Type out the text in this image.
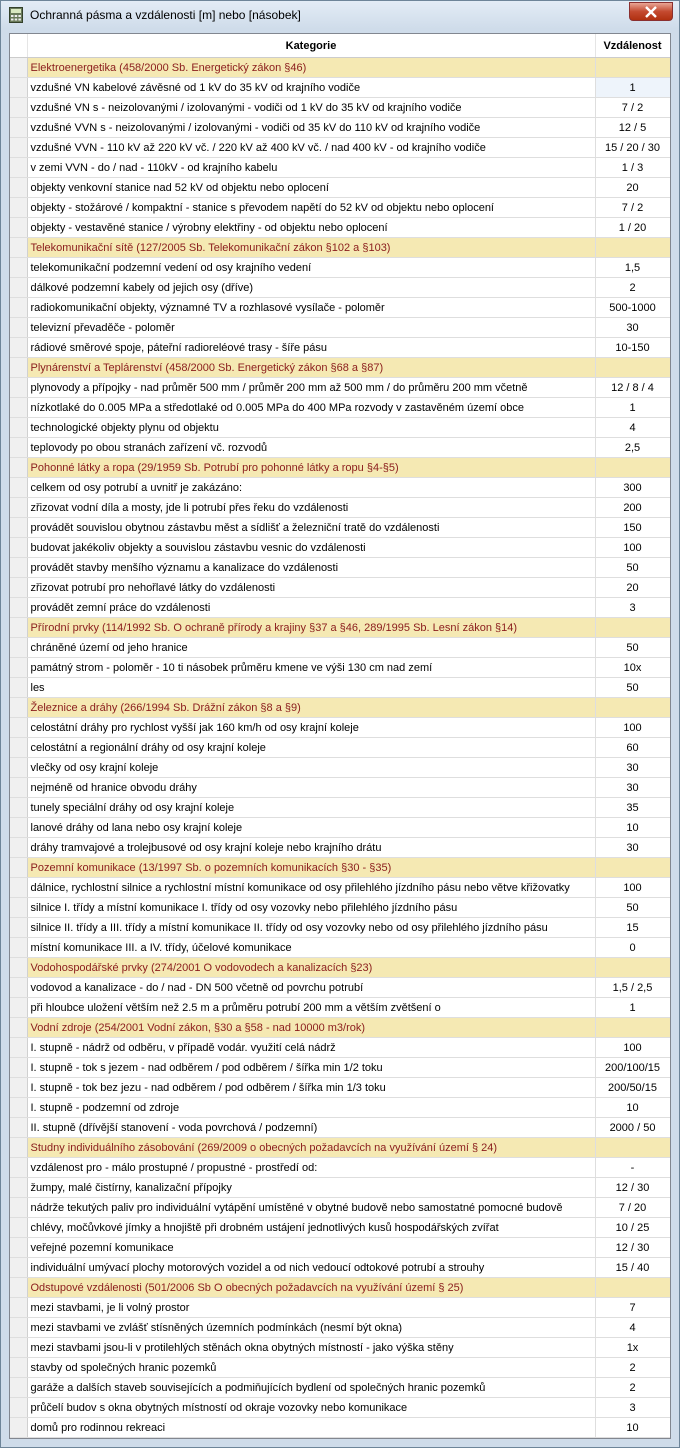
Ochranná pásma a vzdálenosti [m] nebo [násobek]
	Kategorie	Vzdálenost
	Elektroenergetika (458/2000 Sb. Energetický zákon §46)	
	vzdušné VN kabelové závěsné od 1 kV do 35 kV od krajního vodiče	1
	vzdušné VN s - neizolovanými / izolovanými - vodiči od 1 kV do 35 kV od krajního vodiče	7 / 2
	vzdušné VVN s - neizolovanými / izolovanými - vodiči od 35 kV do 110 kV od krajního vodiče	12 / 5
	vzdušné VVN - 110 kV až 220 kV vč. / 220 kV až 400 kV vč. / nad 400 kV - od krajního vodiče	15 / 20 / 30
	v zemi VVN - do / nad - 110kV - od krajního kabelu	1 / 3
	objekty venkovní stanice nad 52 kV od objektu nebo oplocení	20
	objekty - stožárové / kompaktní - stanice s převodem napětí do 52 kV od objektu nebo oplocení	7 / 2
	objekty - vestavěné stanice / výrobny elektřiny - od objektu nebo oplocení	1 / 20
	Telekomunikační sítě (127/2005 Sb. Telekomunikační zákon §102 a §103)	
	telekomunikační podzemní vedení od osy krajního vedení	1,5
	dálkové podzemní kabely od jejich osy (dříve)	2
	radiokomunikační objekty, významné TV a rozhlasové vysílače - poloměr	500-1000
	televizní převaděče - poloměr	30
	rádiové směrové spoje, páteřní radioreléové trasy - šíře pásu	10-150
	Plynárenství a Teplárenství (458/2000 Sb. Energetický zákon §68 a §87)	
	plynovody a přípojky - nad průměr 500 mm / průměr 200 mm až 500 mm / do průměru 200 mm včetně	12 / 8 / 4
	nízkotlaké do 0.005 MPa a středotlaké od 0.005 MPa do 400 MPa rozvody v zastavěném území obce	1
	technologické objekty plynu od objektu	4
	teplovody po obou stranách zařízení vč. rozvodů	2,5
	Pohonné látky a ropa (29/1959 Sb. Potrubí pro pohonné látky a ropu §4-§5)	
	celkem od osy potrubí a uvnitř je zakázáno:	300
	zřizovat vodní díla a mosty, jde li potrubí přes řeku do vzdálenosti	200
	provádět souvislou obytnou zástavbu měst a sídlišť a železniční tratě do vzdálenosti	150
	budovat jakékoliv objekty a souvislou zástavbu vesnic do vzdálenosti	100
	provádět stavby menšího významu a kanalizace do vzdálenosti	50
	zřizovat potrubí pro nehořlavé látky do vzdálenosti	20
	provádět zemní práce do vzdálenosti	3
	Přírodní prvky (114/1992 Sb. O ochraně přírody a krajiny §37 a §46, 289/1995 Sb. Lesní zákon §14)	
	chráněné území od jeho hranice	50
	památný strom - poloměr - 10 ti násobek průměru kmene ve výši 130 cm nad zemí	10x
	les	50
	Železnice a dráhy (266/1994 Sb. Drážní zákon §8 a §9)	
	celostátní dráhy pro rychlost vyšší jak 160 km/h od osy krajní koleje	100
	celostátní a regionální dráhy od osy krajní koleje	60
	vlečky od osy krajní koleje	30
	nejméně od hranice obvodu dráhy	30
	tunely speciální dráhy od osy krajní koleje	35
	lanové dráhy od lana nebo osy krajní koleje	10
	dráhy tramvajové a trolejbusové od osy krajní koleje nebo krajního drátu	30
	Pozemní komunikace (13/1997 Sb. o pozemních komunikacích §30 - §35)	
	dálnice, rychlostní silnice a rychlostní místní komunikace od osy přilehlého jízdního pásu nebo větve křižovatky	100
	silnice I. třídy a místní komunikace I. třídy od osy vozovky nebo přilehlého jízdního pásu	50
	silnice II. třídy a III. třídy a místní komunikace II. třídy od osy vozovky nebo od osy přilehlého jízdního pásu	15
	místní komunikace III. a IV. třídy, účelové komunikace	0
	Vodohospodářské prvky (274/2001 O vodovodech a kanalizacích §23)	
	vodovod a kanalizace - do / nad - DN 500 včetně od povrchu potrubí	1,5 / 2,5
	při hloubce uložení větším než 2.5 m a průměru potrubí 200 mm a větším zvětšení o	1
	Vodní zdroje (254/2001 Vodní zákon, §30 a §58 - nad 10000 m3/rok)	
	I. stupně - nádrž od odběru, v případě vodár. využití celá nádrž	100
	I. stupně - tok s jezem - nad odběrem / pod odběrem / šířka min 1/2 toku	200/100/15
	I. stupně - tok bez jezu - nad odběrem / pod odběrem / šířka min 1/3 toku	200/50/15
	I. stupně - podzemní od zdroje	10
	II. stupně (dřívější stanovení - voda povrchová / podzemní)	2000 / 50
	Studny individuálního zásobování (269/2009 o obecných požadavcích na využívání území § 24)	
	vzdálenost pro - málo prostupné / propustné - prostředí od:	-
	žumpy, malé čistírny, kanalizační přípojky	12 / 30
	nádrže tekutých paliv pro individuální vytápění umístěné v obytné budově nebo samostatné pomocné budově	7 / 20
	chlévy, močůvkové jímky a hnojiště při drobném ustájení jednotlivých kusů hospodářských zvířat	10 / 25
	veřejné pozemní komunikace	12 / 30
	individuální umývací plochy motorových vozidel a od nich vedoucí odtokové potrubí a strouhy	15 / 40
	Odstupové vzdálenosti (501/2006 Sb O obecných požadavcích na využívání území § 25)	
	mezi stavbami, je li volný prostor	7
	mezi stavbami ve zvlášť stísněných územních podmínkách (nesmí být okna)	4
	mezi stavbami jsou-li v protilehlých stěnách okna obytných místností - jako výška stěny	1x
	stavby od společných hranic pozemků	2
	garáže a dalších staveb souvisejících a podmiňujících bydlení od společných hranic pozemků	2
	průčelí budov s okna obytných místností od okraje vozovky nebo komunikace	3
	domů pro rodinnou rekreaci	10
